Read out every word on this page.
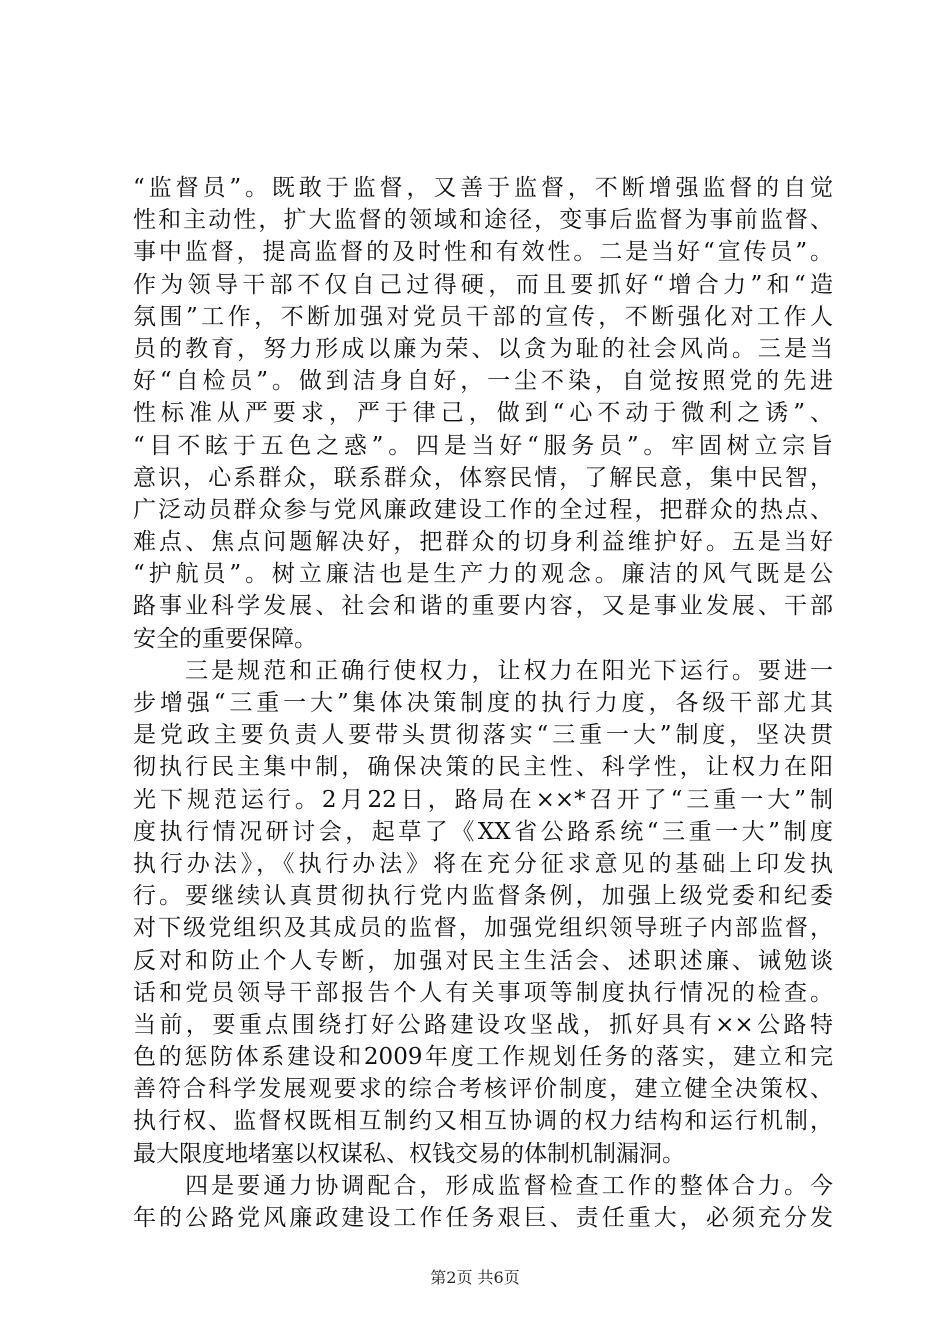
“监督员”。既敢于监督，又善于监督，不断增强监督的自觉
性和主动性，扩大监督的领域和途径，变事后监督为事前监督、
事中监督，提高监督的及时性和有效性。二是当好“宣传员”。
作为领导干部不仅自己过得硬，而且要抓好“增合力”和“造
氛围”工作，不断加强对党员干部的宣传，不断强化对工作人
员的教育，努力形成以廉为荣、以贪为耻的社会风尚。三是当
好“自检员”。做到洁身自好，一尘不染，自觉按照党的先进
性标准从严要求，严于律己，做到“心不动于微利之诱”、
“目不眩于五色之惑”。四是当好“服务员”。牢固树立宗旨
意识，心系群众，联系群众，体察民情，了解民意，集中民智，
广泛动员群众参与党风廉政建设工作的全过程，把群众的热点、
难点、焦点问题解决好，把群众的切身利益维护好。五是当好
“护航员”。树立廉洁也是生产力的观念。廉洁的风气既是公
路事业科学发展、社会和谐的重要内容，又是事业发展、干部
安全的重要保障。
　　三是规范和正确行使权力，让权力在阳光下运行。要进一
步增强“三重一大”集体决策制度的执行力度，各级干部尤其
是党政主要负责人要带头贯彻落实“三重一大”制度，坚决贯
彻执行民主集中制，确保决策的民主性、科学性，让权力在阳
光下规范运行。2月22日，路局在××*召开了“三重一大”制
度执行情况研讨会，起草了《XX省公路系统“三重一大”制度
执行办法》，《执行办法》将在充分征求意见的基础上印发执
行。要继续认真贯彻执行党内监督条例，加强上级党委和纪委
对下级党组织及其成员的监督，加强党组织领导班子内部监督，
反对和防止个人专断，加强对民主生活会、述职述廉、诫勉谈
话和党员领导干部报告个人有关事项等制度执行情况的检查。
当前，要重点围绕打好公路建设攻坚战，抓好具有××公路特
色的惩防体系建设和2009年度工作规划任务的落实，建立和完
善符合科学发展观要求的综合考核评价制度，建立健全决策权、
执行权、监督权既相互制约又相互协调的权力结构和运行机制，
最大限度地堵塞以权谋私、权钱交易的体制机制漏洞。
　　四是要通力协调配合，形成监督检查工作的整体合力。今
年的公路党风廉政建设工作任务艰巨、责任重大，必须充分发
第2页 共6页
